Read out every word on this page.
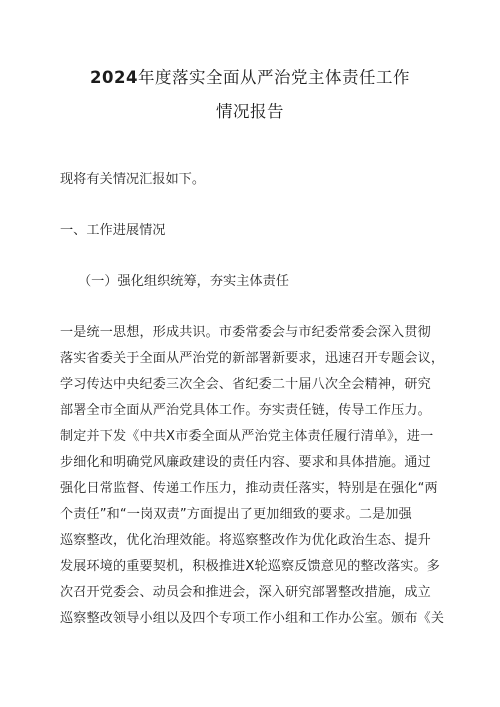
2024年度落实全面从严治党主体责任工作
情况报告
现将有关情况汇报如下。
一、工作进展情况
（一）强化组织统筹，夯实主体责任
一是统一思想，形成共识。市委常委会与市纪委常委会深入贯彻
落实省委关于全面从严治党的新部署新要求，迅速召开专题会议，
学习传达中央纪委三次全会、省纪委二十届八次全会精神，研究
部署全市全面从严治党具体工作。夯实责任链，传导工作压力。
制定并下发《中共X市委全面从严治党主体责任履行清单》，进一
步细化和明确党风廉政建设的责任内容、要求和具体措施。通过
强化日常监督、传递工作压力，推动责任落实，特别是在强化“两
个责任”和“一岗双责”方面提出了更加细致的要求。二是加强
巡察整改，优化治理效能。将巡察整改作为优化政治生态、提升
发展环境的重要契机，积极推进X轮巡察反馈意见的整改落实。多
次召开党委会、动员会和推进会，深入研究部署整改措施，成立
巡察整改领导小组以及四个专项工作小组和工作办公室。颁布《关
